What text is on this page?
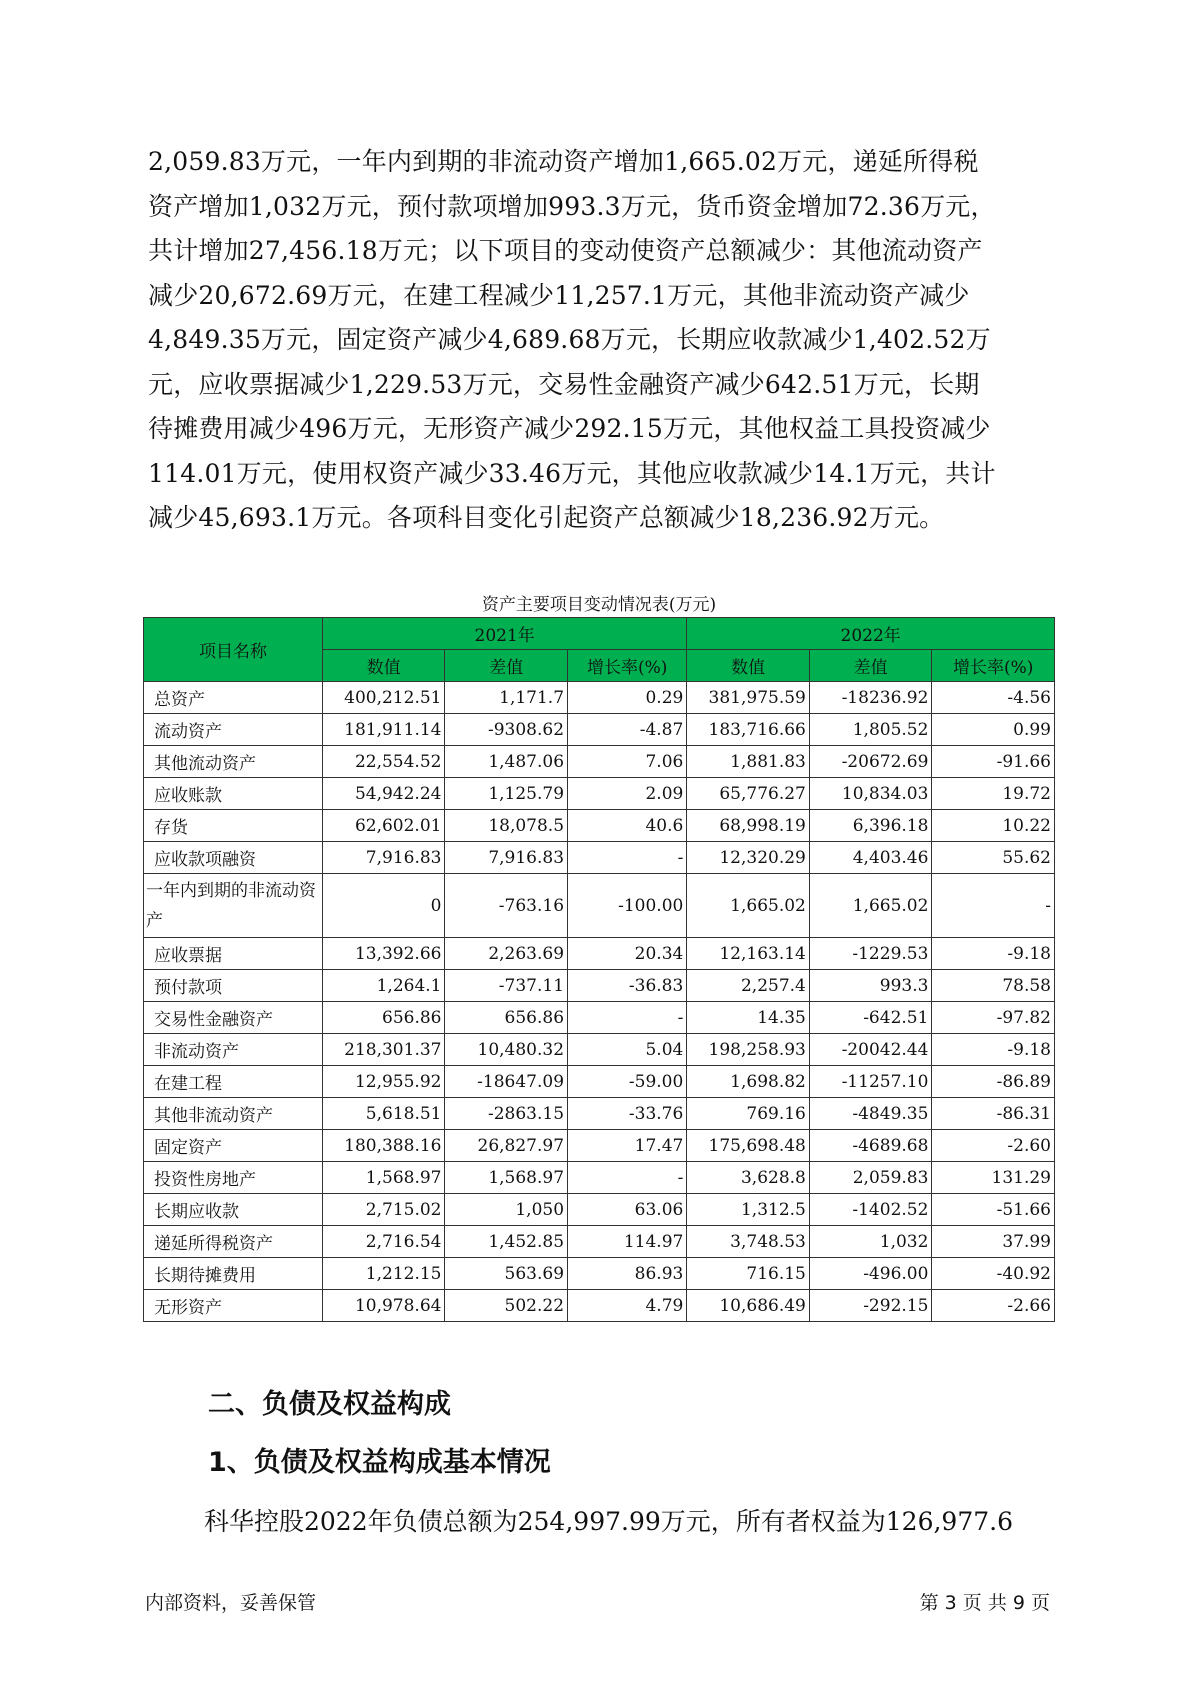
2,059.83万元，一年内到期的非流动资产增加1,665.02万元，递延所得税

资产增加1,032万元，预付款项增加993.3万元，货币资金增加72.36万元，

共计增加27,456.18万元；以下项目的变动使资产总额减少：其他流动资产

减少20,672.69万元，在建工程减少11,257.1万元，其他非流动资产减少

4,849.35万元，固定资产减少4,689.68万元，长期应收款减少1,402.52万

元，应收票据减少1,229.53万元，交易性金融资产减少642.51万元，长期

待摊费用减少496万元，无形资产减少292.15万元，其他权益工具投资减少

114.01万元，使用权资产减少33.46万元，其他应收款减少14.1万元，共计

减少45,693.1万元。各项科目变化引起资产总额减少18,236.92万元。

资产主要项目变动情况表(万元)
项目名称	2021年			2022年		
	数值	差值	增长率(%)	数值	差值	增长率(%)
总资产	400,212.51	1,171.7	0.29	381,975.59	-18236.92	-4.56
流动资产	181,911.14	-9308.62	-4.87	183,716.66	1,805.52	0.99
其他流动资产	22,554.52	1,487.06	7.06	1,881.83	-20672.69	-91.66
应收账款	54,942.24	1,125.79	2.09	65,776.27	10,834.03	19.72
存货	62,602.01	18,078.5	40.6	68,998.19	6,396.18	10.22
应收款项融资	7,916.83	7,916.83	-	12,320.29	4,403.46	55.62
一年内到期的非流动资产	0	-763.16	-100.00	1,665.02	1,665.02	-
应收票据	13,392.66	2,263.69	20.34	12,163.14	-1229.53	-9.18
预付款项	1,264.1	-737.11	-36.83	2,257.4	993.3	78.58
交易性金融资产	656.86	656.86	-	14.35	-642.51	-97.82
非流动资产	218,301.37	10,480.32	5.04	198,258.93	-20042.44	-9.18
在建工程	12,955.92	-18647.09	-59.00	1,698.82	-11257.10	-86.89
其他非流动资产	5,618.51	-2863.15	-33.76	769.16	-4849.35	-86.31
固定资产	180,388.16	26,827.97	17.47	175,698.48	-4689.68	-2.60
投资性房地产	1,568.97	1,568.97	-	3,628.8	2,059.83	131.29
长期应收款	2,715.02	1,050	63.06	1,312.5	-1402.52	-51.66
递延所得税资产	2,716.54	1,452.85	114.97	3,748.53	1,032	37.99
长期待摊费用	1,212.15	563.69	86.93	716.15	-496.00	-40.92
无形资产	10,978.64	502.22	4.79	10,686.49	-292.15	-2.66
二、负债及权益构成
1、负债及权益构成基本情况
科华控股2022年负债总额为254,997.99万元，所有者权益为126,977.6
内部资料，妥善保管	第 3 页 共 9 页
